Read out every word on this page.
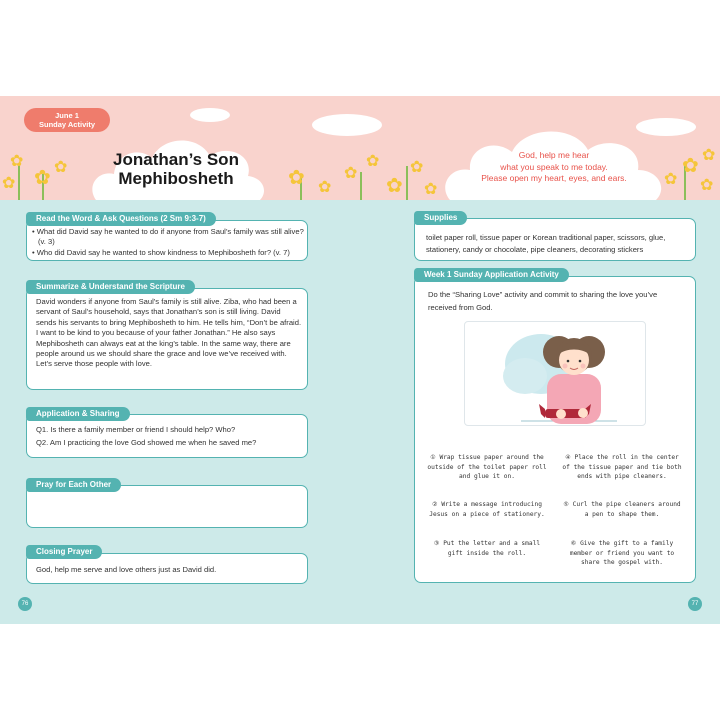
✿
✿ ✿
✿	✿ ✿
✿
✿
✿
✿
✿
✿
✿
✿
✿
June 1
Sunday Activity
Jonathan’s Son
Mephibosheth
God, help me hear
what you speak to me today.
Please open my heart, eyes, and ears.
Read the Word & Ask Questions (2 Sm 9:3-7)

• What did David say he wanted to do if anyone from Saul’s family was still alive? (v. 3)

• Who did David say he wanted to show kindness to Mephibosheth for? (v. 7)

Summarize & Understand the Scripture
David wonders if anyone from Saul’s family is still alive. Ziba, who had been a servant of Saul’s household, says that Jonathan’s son is still living. David sends his servants to bring Mephibosheth to him. He tells him, “Don’t be afraid. I want to be kind to you because of your father Jonathan.” He also says Mephibosheth can always eat at the king’s table. In the same way, there are people around us we should share the grace and love we’ve received with. Let’s serve those people with love.
Application & Sharing

Q1. Is there a family member or friend I should help? Who?

Q2. Am I practicing the love God showed me when he saved me?

Pray for Each Other
Closing Prayer
God, help me serve and love others just as David did.
76
Supplies
toilet paper roll, tissue paper or Korean traditional paper, scissors, glue, stationery, candy or chocolate, pipe cleaners, decorating stickers
Week 1 Sunday Application Activity
Do the “Sharing Love” activity and commit to sharing the love you’ve received from God.
① Wrap tissue paper around the outside of the toilet paper roll and glue it on.
④ Place the roll in the center of the tissue paper and tie both ends with pipe cleaners.
② Write a message introducing Jesus on a piece of stationery.
⑤ Curl the pipe cleaners around a pen to shape them.
③ Put the letter and a small gift inside the roll.
⑥ Give the gift to a family member or friend you want to share the gospel with.
77
